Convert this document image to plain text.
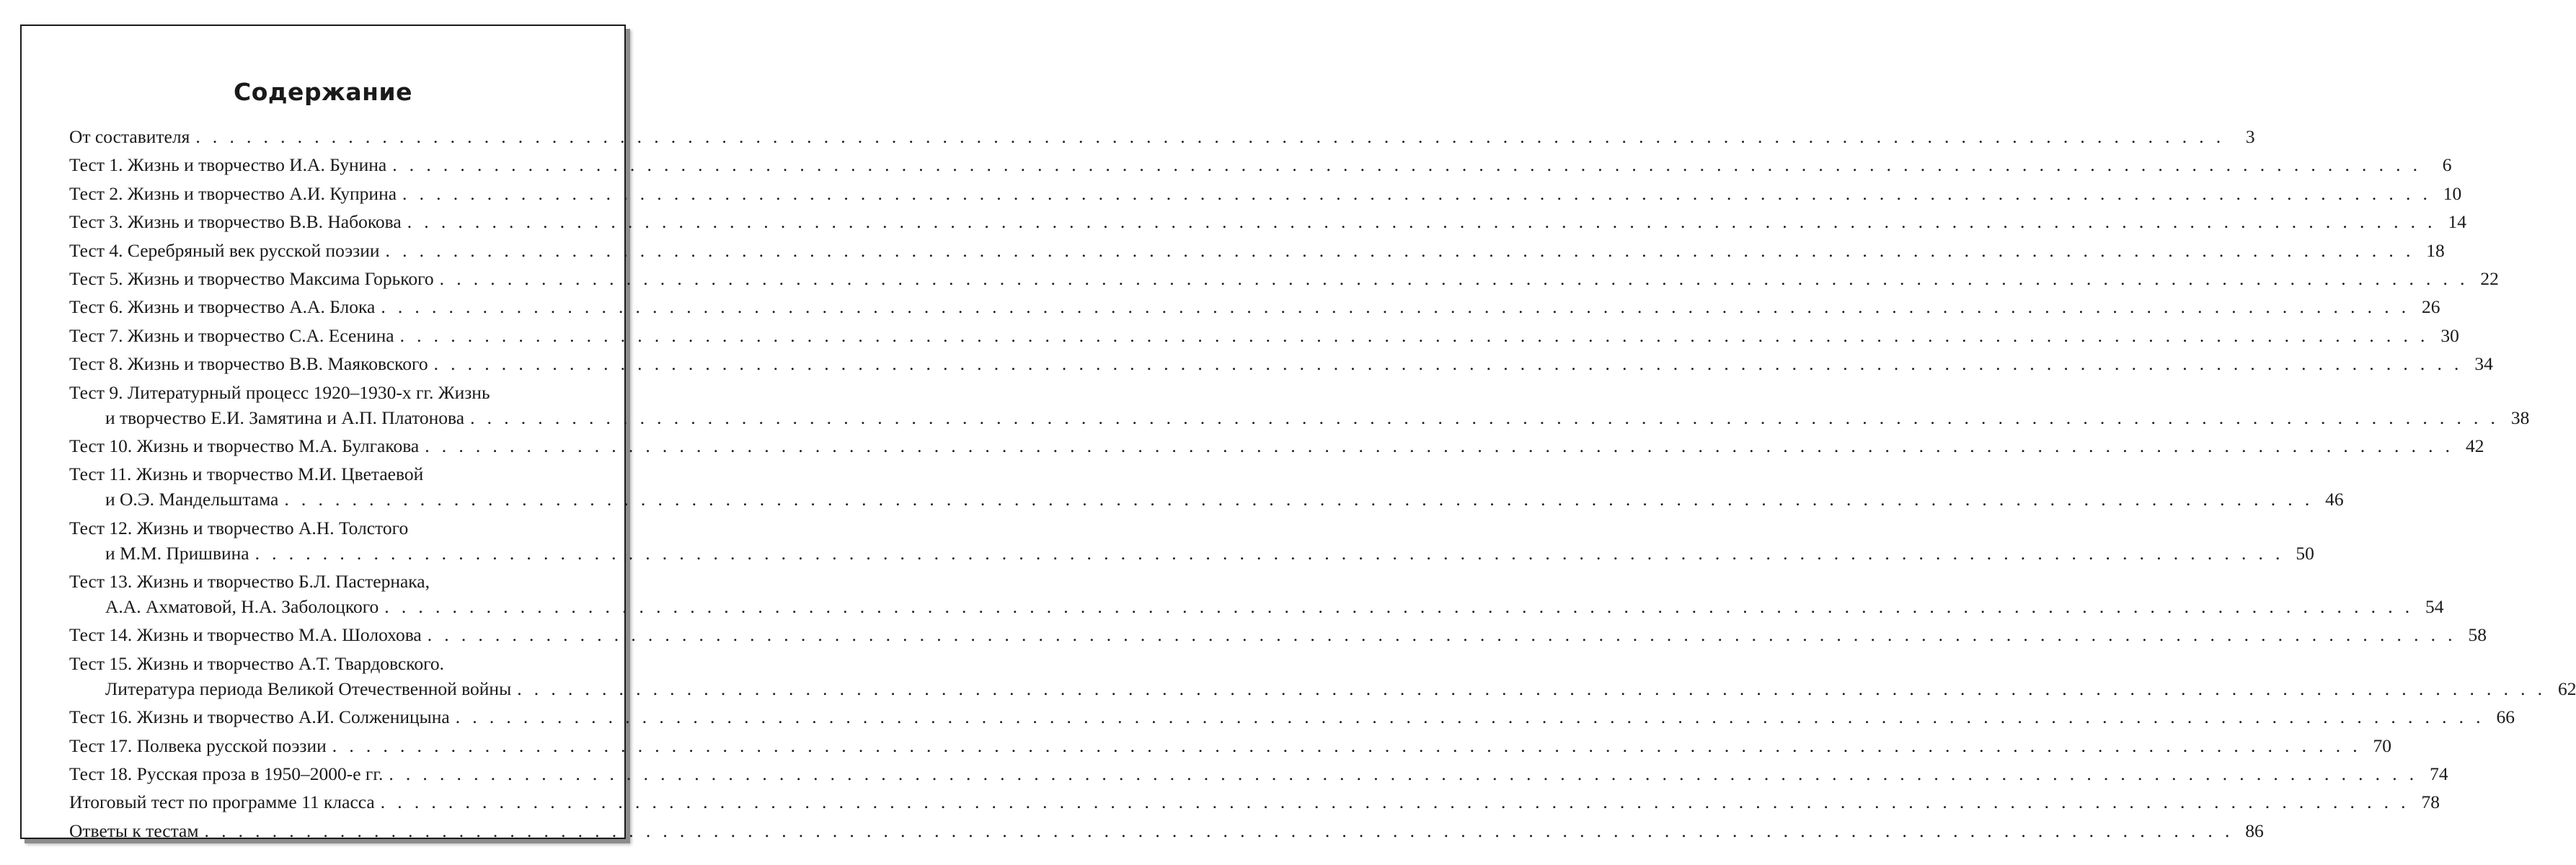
Содержание
От составителя . . . . . . . . . . . . . . . . . . . . . . . . . . . . . . . . . . . . . . . . . . . . . . . . . . . . . . . . . . . . . . . . . . . . . . . . . . . . . . . . . . . . . . . . . . . . . . . . . . . . . . . . . . . . . . . . . . . . . . . .	3
Тест 1. Жизнь и творчество И.А. Бунина . . . . . . . . . . . . . . . . . . . . . . . . . . . . . . . . . . . . . . . . . . . . . . . . . . . . . . . . . . . . . . . . . . . . . . . . . . . . . . . . . . . . . . . . . . . . . . . . . . . . . . . . . . . . . . . . . . . . . . . .	6
Тест 2. Жизнь и творчество А.И. Куприна . . . . . . . . . . . . . . . . . . . . . . . . . . . . . . . . . . . . . . . . . . . . . . . . . . . . . . . . . . . . . . . . . . . . . . . . . . . . . . . . . . . . . . . . . . . . . . . . . . . . . . . . . . . . . . . . . . . . . . . . 10
Тест 3. Жизнь и творчество В.В. Набокова . . . . . . . . . . . . . . . . . . . . . . . . . . . . . . . . . . . . . . . . . . . . . . . . . . . . . . . . . . . . . . . . . . . . . . . . . . . . . . . . . . . . . . . . . . . . . . . . . . . . . . . . . . . . . . . . . . . . . . . . 14
Тест 4. Серебряный век русской поэзии . . . . . . . . . . . . . . . . . . . . . . . . . . . . . . . . . . . . . . . . . . . . . . . . . . . . . . . . . . . . . . . . . . . . . . . . . . . . . . . . . . . . . . . . . . . . . . . . . . . . . . . . . . . . . . . . . . . . . . . . 18
Тест 5. Жизнь и творчество Максима Горького . . . . . . . . . . . . . . . . . . . . . . . . . . . . . . . . . . . . . . . . . . . . . . . . . . . . . . . . . . . . . . . . . . . . . . . . . . . . . . . . . . . . . . . . . . . . . . . . . . . . . . . . . . . . . . . . . . . . . . . . 22
Тест 6. Жизнь и творчество А.А. Блока . . . . . . . . . . . . . . . . . . . . . . . . . . . . . . . . . . . . . . . . . . . . . . . . . . . . . . . . . . . . . . . . . . . . . . . . . . . . . . . . . . . . . . . . . . . . . . . . . . . . . . . . . . . . . . . . . . . . . . . . 26
Тест 7. Жизнь и творчество С.А. Есенина . . . . . . . . . . . . . . . . . . . . . . . . . . . . . . . . . . . . . . . . . . . . . . . . . . . . . . . . . . . . . . . . . . . . . . . . . . . . . . . . . . . . . . . . . . . . . . . . . . . . . . . . . . . . . . . . . . . . . . . . 30
Тест 8. Жизнь и творчество В.В. Маяковского . . . . . . . . . . . . . . . . . . . . . . . . . . . . . . . . . . . . . . . . . . . . . . . . . . . . . . . . . . . . . . . . . . . . . . . . . . . . . . . . . . . . . . . . . . . . . . . . . . . . . . . . . . . . . . . . . . . . . . . . 34
Тест 9. Литературный процесс 1920–1930-х гг. Жизнь
и творчество Е.И. Замятина и А.П. Платонова . . . . . . . . . . . . . . . . . . . . . . . . . . . . . . . . . . . . . . . . . . . . . . . . . . . . . . . . . . . . . . . . . . . . . . . . . . . . . . . . . . . . . . . . . . . . . . . . . . . . . . . . . . . . . . . . . . . . . . . . 38
Тест 10. Жизнь и творчество М.А. Булгакова . . . . . . . . . . . . . . . . . . . . . . . . . . . . . . . . . . . . . . . . . . . . . . . . . . . . . . . . . . . . . . . . . . . . . . . . . . . . . . . . . . . . . . . . . . . . . . . . . . . . . . . . . . . . . . . . . . . . . . . . 42
Тест 11. Жизнь и творчество М.И. Цветаевой
и О.Э. Мандельштама . . . . . . . . . . . . . . . . . . . . . . . . . . . . . . . . . . . . . . . . . . . . . . . . . . . . . . . . . . . . . . . . . . . . . . . . . . . . . . . . . . . . . . . . . . . . . . . . . . . . . . . . . . . . . . . . . . . . . . . . 46
Тест 12. Жизнь и творчество А.Н. Толстого
и М.М. Пришвина . . . . . . . . . . . . . . . . . . . . . . . . . . . . . . . . . . . . . . . . . . . . . . . . . . . . . . . . . . . . . . . . . . . . . . . . . . . . . . . . . . . . . . . . . . . . . . . . . . . . . . . . . . . . . . . . . . . . . . . . 50
Тест 13. Жизнь и творчество Б.Л. Пастернака,
А.А. Ахматовой, Н.А. Заболоцкого . . . . . . . . . . . . . . . . . . . . . . . . . . . . . . . . . . . . . . . . . . . . . . . . . . . . . . . . . . . . . . . . . . . . . . . . . . . . . . . . . . . . . . . . . . . . . . . . . . . . . . . . . . . . . . . . . . . . . . . . 54
Тест 14. Жизнь и творчество М.А. Шолохова . . . . . . . . . . . . . . . . . . . . . . . . . . . . . . . . . . . . . . . . . . . . . . . . . . . . . . . . . . . . . . . . . . . . . . . . . . . . . . . . . . . . . . . . . . . . . . . . . . . . . . . . . . . . . . . . . . . . . . . . 58
Тест 15. Жизнь и творчество А.Т. Твардовского.
Литература периода Великой Отечественной войны . . . . . . . . . . . . . . . . . . . . . . . . . . . . . . . . . . . . . . . . . . . . . . . . . . . . . . . . . . . . . . . . . . . . . . . . . . . . . . . . . . . . . . . . . . . . . . . . . . . . . . . . . . . . . . . . . . . . . . . . 62
Тест 16. Жизнь и творчество А.И. Солженицына . . . . . . . . . . . . . . . . . . . . . . . . . . . . . . . . . . . . . . . . . . . . . . . . . . . . . . . . . . . . . . . . . . . . . . . . . . . . . . . . . . . . . . . . . . . . . . . . . . . . . . . . . . . . . . . . . . . . . . . . 66
Тест 17. Полвека русской поэзии . . . . . . . . . . . . . . . . . . . . . . . . . . . . . . . . . . . . . . . . . . . . . . . . . . . . . . . . . . . . . . . . . . . . . . . . . . . . . . . . . . . . . . . . . . . . . . . . . . . . . . . . . . . . . . . . . . . . . . . . 70
Тест 18. Русская проза в 1950–2000-е гг. . . . . . . . . . . . . . . . . . . . . . . . . . . . . . . . . . . . . . . . . . . . . . . . . . . . . . . . . . . . . . . . . . . . . . . . . . . . . . . . . . . . . . . . . . . . . . . . . . . . . . . . . . . . . . . . . . . . . . . . . 74
Итоговый тест по программе 11 класса . . . . . . . . . . . . . . . . . . . . . . . . . . . . . . . . . . . . . . . . . . . . . . . . . . . . . . . . . . . . . . . . . . . . . . . . . . . . . . . . . . . . . . . . . . . . . . . . . . . . . . . . . . . . . . . . . . . . . . . . 78
Ответы к тестам . . . . . . . . . . . . . . . . . . . . . . . . . . . . . . . . . . . . . . . . . . . . . . . . . . . . . . . . . . . . . . . . . . . . . . . . . . . . . . . . . . . . . . . . . . . . . . . . . . . . . . . . . . . . . . . . . . . . . . . . 86
